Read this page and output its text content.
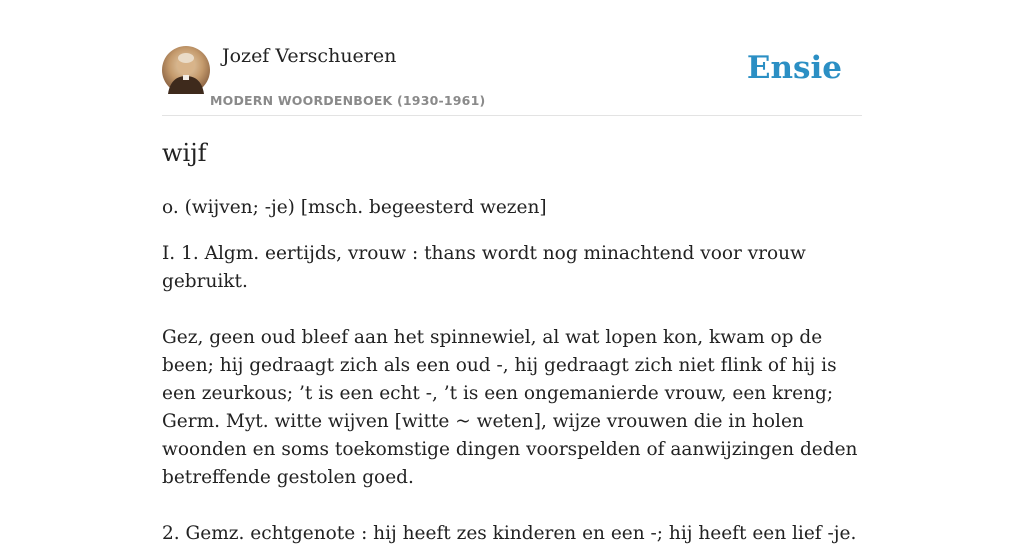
Jozef Verschueren
MODERN WOORDENBOEK (1930-1961)
Ensie
wijf

o. (wijven; -je) [msch. begeesterd wezen]

I. 1. Algm. eertijds, vrouw : thans wordt nog minachtend voor vrouw gebruikt.

Gez, geen oud bleef aan het spinnewiel, al wat lopen kon, kwam op de been; hij gedraagt zich als een oud -, hij gedraagt zich niet flink of hij is een zeurkous; ’t is een echt -, ’t is een ongemanierde vrouw, een kreng; Germ. Myt. witte wijven [witte ~ weten], wijze vrouwen die in holen woonden en soms toekomstige dingen voorspelden of aanwijzingen deden betreffende gestolen goed.

2. Gemz. echtgenote : hij heeft zes kinderen en een -; hij heeft een lief -je.
